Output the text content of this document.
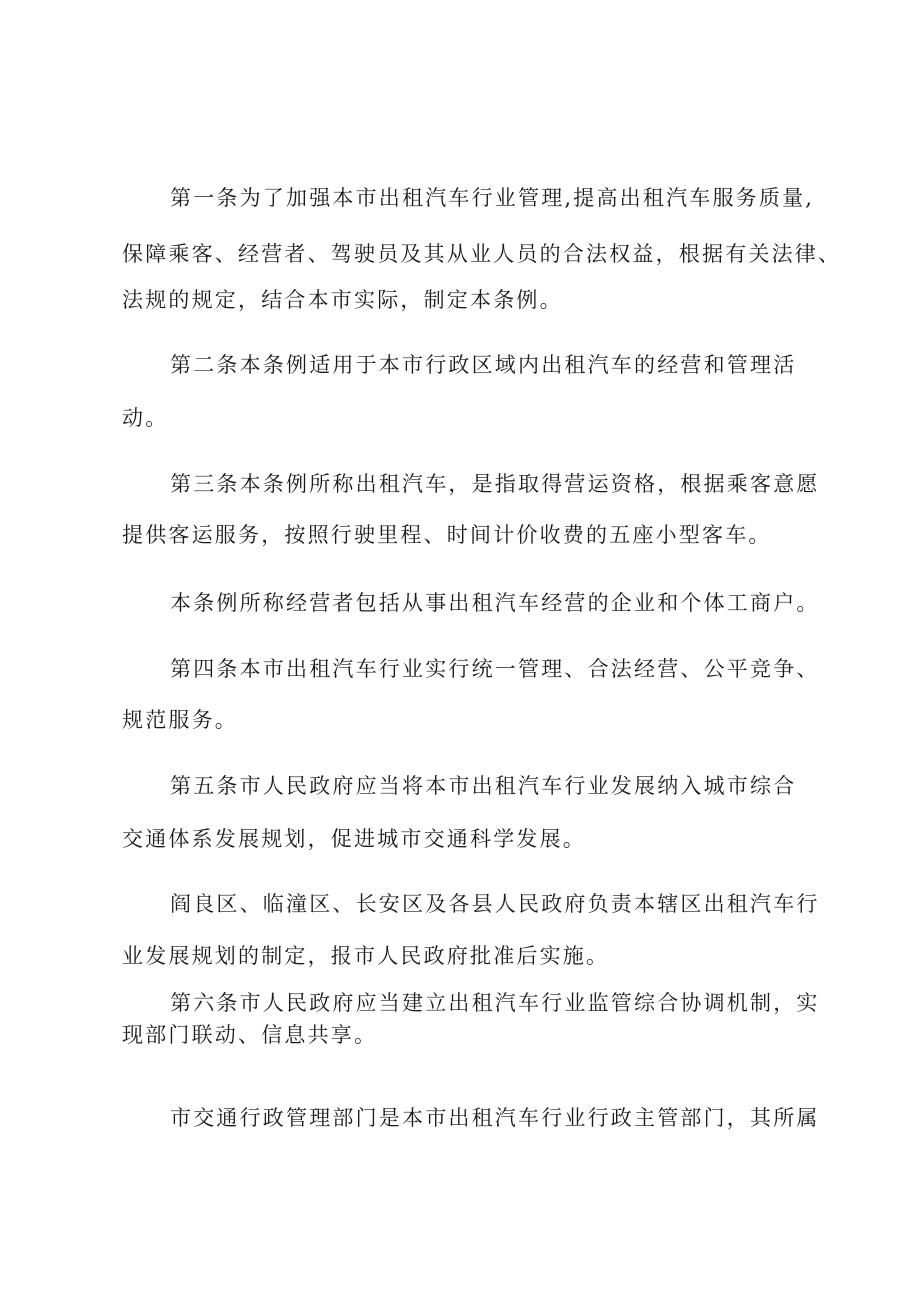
第一条为了加强本市出租汽车行业管理,提高出租汽车服务质量,

保障乘客、经营者、驾驶员及其从业人员的合法权益，根据有关法律、

法规的规定，结合本市实际，制定本条例。

第二条本条例适用于本市行政区域内出租汽车的经营和管理活

动。

第三条本条例所称出租汽车，是指取得营运资格，根据乘客意愿

提供客运服务，按照行驶里程、时间计价收费的五座小型客车。

本条例所称经营者包括从事出租汽车经营的企业和个体工商户。

第四条本市出租汽车行业实行统一管理、合法经营、公平竞争、

规范服务。

第五条市人民政府应当将本市出租汽车行业发展纳入城市综合

交通体系发展规划，促进城市交通科学发展。

阎良区、临潼区、长安区及各县人民政府负责本辖区出租汽车行

业发展规划的制定，报市人民政府批准后实施。

第六条市人民政府应当建立出租汽车行业监管综合协调机制，实

现部门联动、信息共享。

市交通行政管理部门是本市出租汽车行业行政主管部门，其所属
